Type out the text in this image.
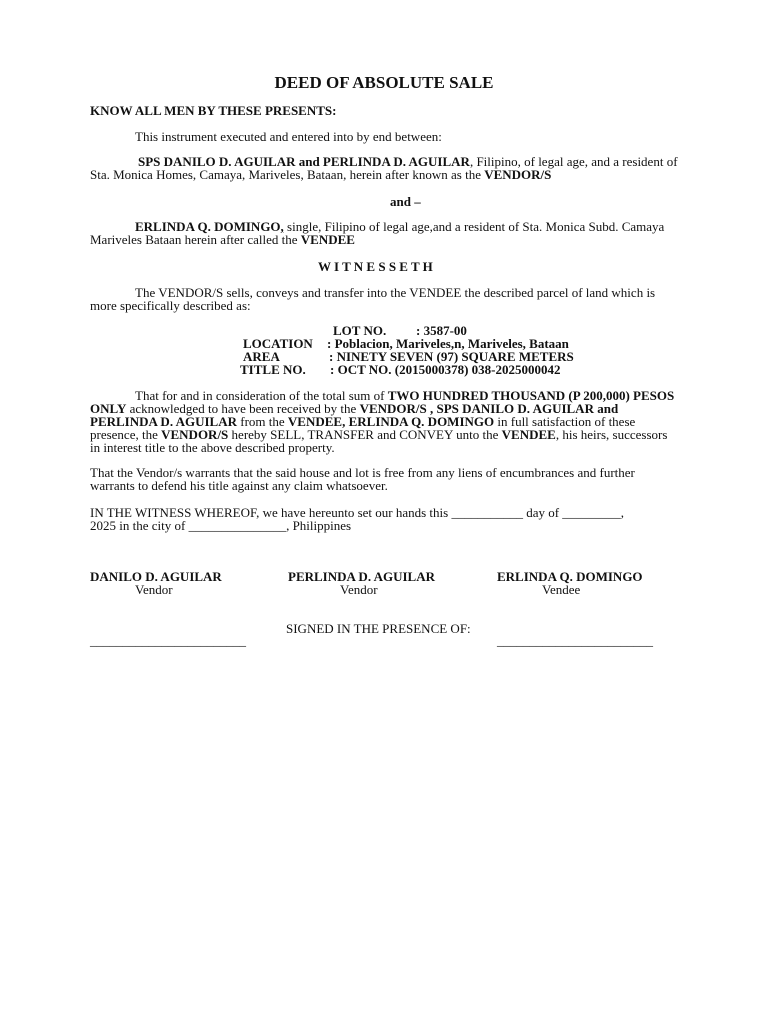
DEED OF ABSOLUTE SALE
KNOW ALL MEN BY THESE PRESENTS:
This instrument executed and entered into by end between:
SPS DANILO D. AGUILAR and PERLINDA D. AGUILAR, Filipino, of legal age, and a resident of Sta. Monica Homes, Camaya, Mariveles, Bataan, herein after known as the VENDOR/S
and –
ERLINDA Q. DOMINGO, single, Filipino of legal age,and a resident of Sta. Monica Subd. Camaya Mariveles Bataan herein after called the VENDEE
W I T N E S S E T H
The VENDOR/S sells, conveys and transfer into the VENDEE the described parcel of land which is more specifically described as:
LOT NO. : 3587-00
LOCATION : Poblacion, Mariveles,n, Mariveles, Bataan
AREA	: NINETY SEVEN (97) SQUARE METERS
TITLE NO. : OCT NO. (2015000378) 038-2025000042
That for and in consideration of the total sum of TWO HUNDRED THOUSAND (P 200,000) PESOS ONLY acknowledged to have been received by the VENDOR/S , SPS DANILO D. AGUILAR and PERLINDA D. AGUILAR from the VENDEE, ERLINDA Q. DOMINGO in full satisfaction of these presence, the VENDOR/S hereby SELL, TRANSFER and CONVEY unto the VENDEE, his heirs, successors in interest title to the above described property.
That the Vendor/s warrants that the said house and lot is free from any liens of encumbrances and further warrants to defend his title against any claim whatsoever.
IN THE WITNESS WHEREOF, we have hereunto set our hands this ___________ day of _________,
2025 in the city of _______________, Philippines
DANILO D. AGUILAR
Vendor
PERLINDA D. AGUILAR
Vendor
ERLINDA Q. DOMINGO
Vendee
SIGNED IN THE PRESENCE OF:
________________________	________________________
